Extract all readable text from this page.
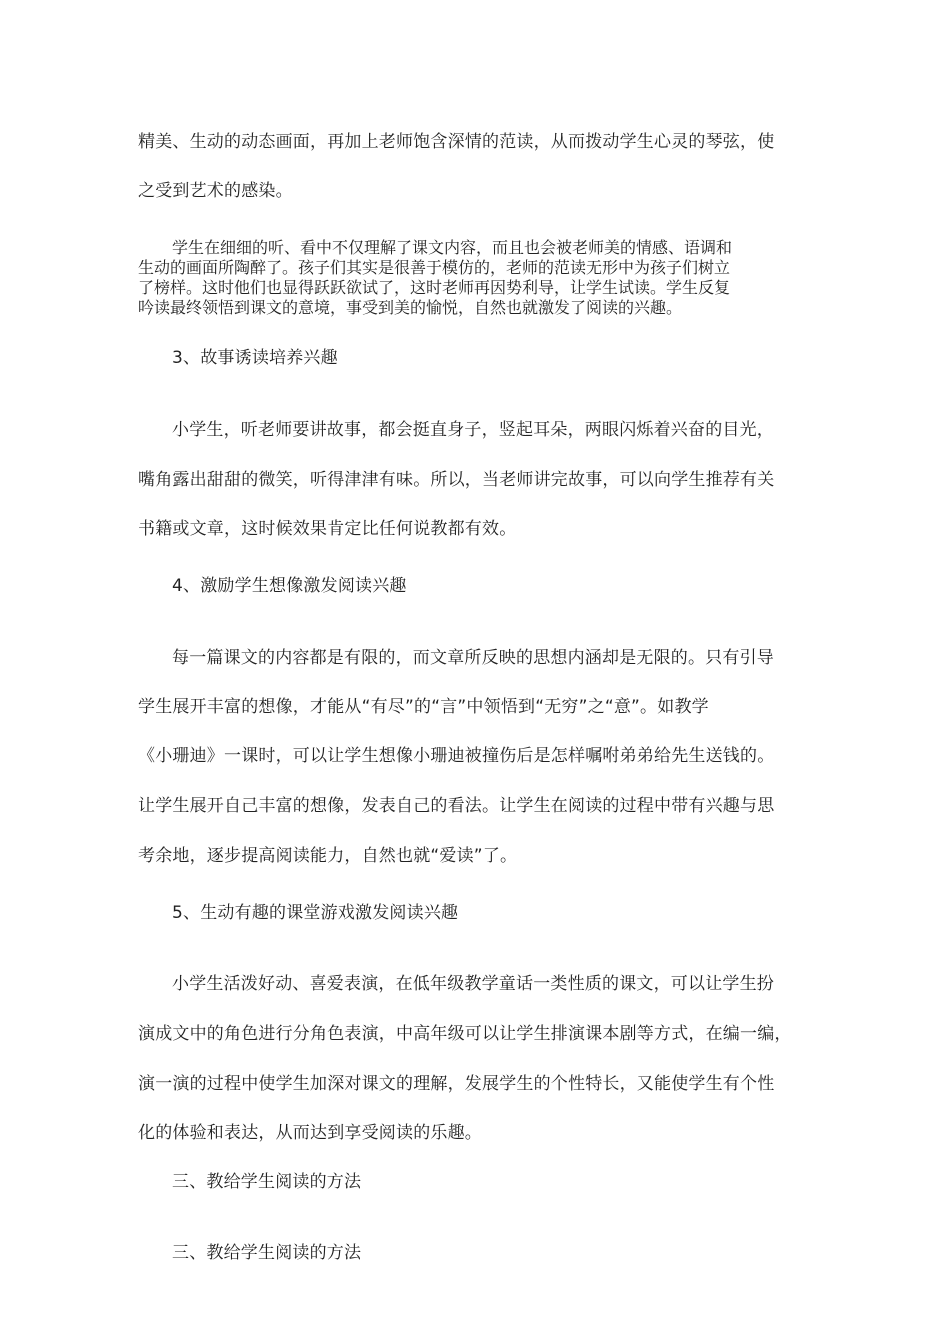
精美、生动的动态画面，再加上老师饱含深情的范读，从而拨动学生心灵的琴弦，使
之受到艺术的感染。
学生在细细的听、看中不仅理解了课文内容，而且也会被老师美的情感、语调和
生动的画面所陶醉了。孩子们其实是很善于模仿的，老师的范读无形中为孩子们树立
了榜样。这时他们也显得跃跃欲试了，这时老师再因势利导，让学生试读。学生反复
吟读最终领悟到课文的意境，事受到美的愉悦，自然也就激发了阅读的兴趣。
3、故事诱读培养兴趣
小学生，听老师要讲故事，都会挺直身子，竖起耳朵，两眼闪烁着兴奋的目光，
嘴角露出甜甜的微笑，听得津津有味。所以，当老师讲完故事，可以向学生推荐有关
书籍或文章，这时候效果肯定比任何说教都有效。
4、激励学生想像激发阅读兴趣
每一篇课文的内容都是有限的，而文章所反映的思想内涵却是无限的。只有引导
学生展开丰富的想像，才能从“有尽”的“言”中领悟到“无穷”之“意”。如教学
《小珊迪》一课时，可以让学生想像小珊迪被撞伤后是怎样嘱咐弟弟给先生送钱的。
让学生展开自己丰富的想像，发表自己的看法。让学生在阅读的过程中带有兴趣与思
考余地，逐步提高阅读能力，自然也就“爱读”了。
5、生动有趣的课堂游戏激发阅读兴趣
小学生活泼好动、喜爱表演，在低年级教学童话一类性质的课文，可以让学生扮
演成文中的角色进行分角色表演，中高年级可以让学生排演课本剧等方式，在编一编，
演一演的过程中使学生加深对课文的理解，发展学生的个性特长，又能使学生有个性
化的体验和表达，从而达到享受阅读的乐趣。
三、教给学生阅读的方法
三、教给学生阅读的方法
